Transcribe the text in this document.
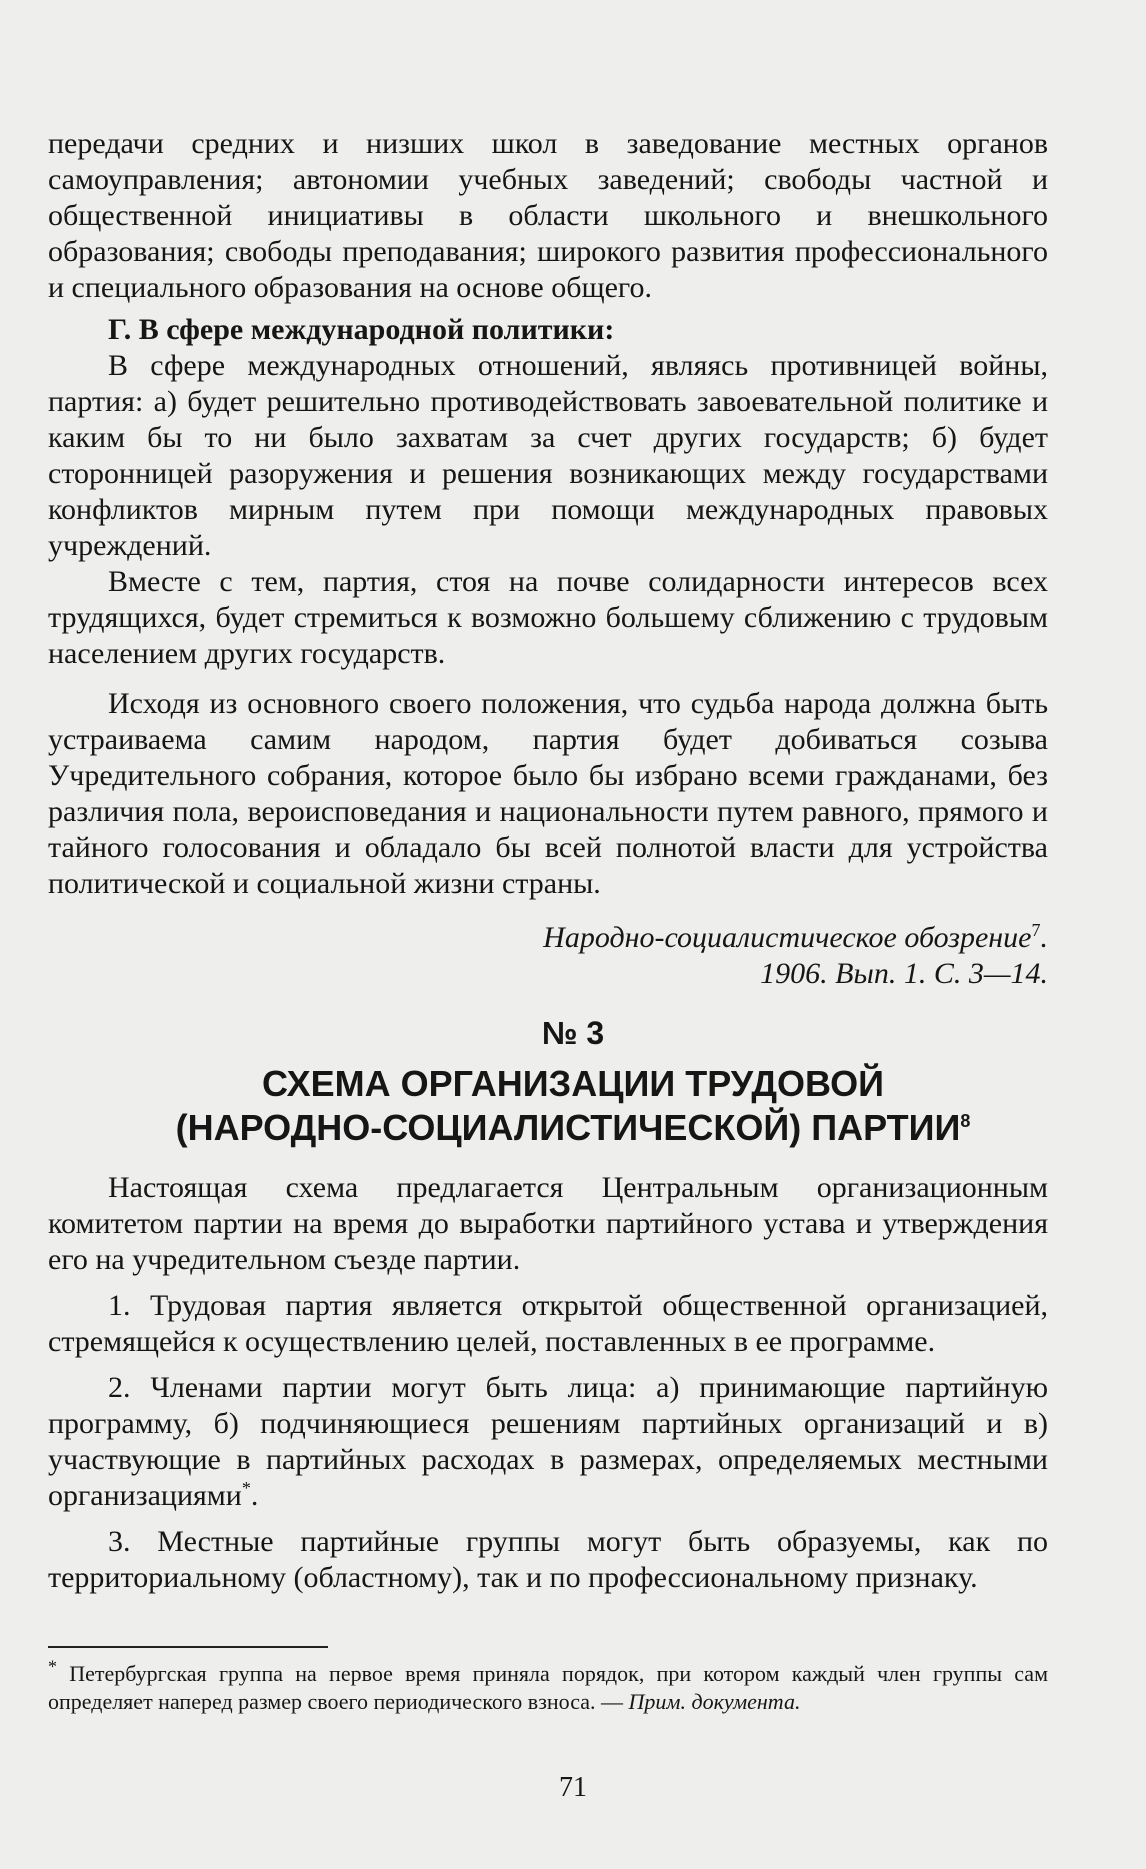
передачи средних и низших школ в заведование местных органов самоуправления; автономии учебных заведений; свободы частной и общественной инициативы в области школьного и внешкольного образования; свободы преподавания; широкого развития профессионального и специального образования на основе общего.

Г. В сфере международной политики:

В сфере международных отношений, являясь противницей войны, партия: а) будет решительно противодействовать завоевательной политике и каким бы то ни было захватам за счет других государств; б) будет сторонницей разоружения и решения возникающих между государствами конфликтов мирным путем при помощи международных правовых учреждений.

Вместе с тем, партия, стоя на почве солидарности интересов всех трудящихся, будет стремиться к возможно большему сближению с трудовым населением других государств.

Исходя из основного своего положения, что судьба народа должна быть устраиваема самим народом, партия будет добиваться созыва Учредительного собрания, которое было бы избрано всеми гражданами, без различия пола, вероисповедания и национальности путем равного, прямого и тайного голосования и обладало бы всей полнотой власти для устройства политической и социальной жизни страны.

Народно-социалистическое обозрение$^7$.
1906. Вып. 1. С. 3—14.
№ 3
СХЕМА ОРГАНИЗАЦИИ ТРУДОВОЙ
(НАРОДНО-СОЦИАЛИСТИЧЕСКОЙ) ПАРТИИ$^8$

Настоящая схема предлагается Центральным организационным комитетом партии на время до выработки партийного устава и утверждения его на учредительном съезде партии.

1. Трудовая партия является открытой общественной организацией, стремящейся к осуществлению целей, поставленных в ее программе.

2. Членами партии могут быть лица: а) принимающие партийную программу, б) подчиняющиеся решениям партийных организаций и в) участвующие в партийных расходах в размерах, определяемых местными организациями*.

3. Местные партийные группы могут быть образуемы, как по территориальному (областному), так и по профессиональному признаку.

* Петербургская группа на первое время приняла порядок, при котором каждый член группы сам определяет наперед размер своего периодического взноса. — Прим. документа.
71
